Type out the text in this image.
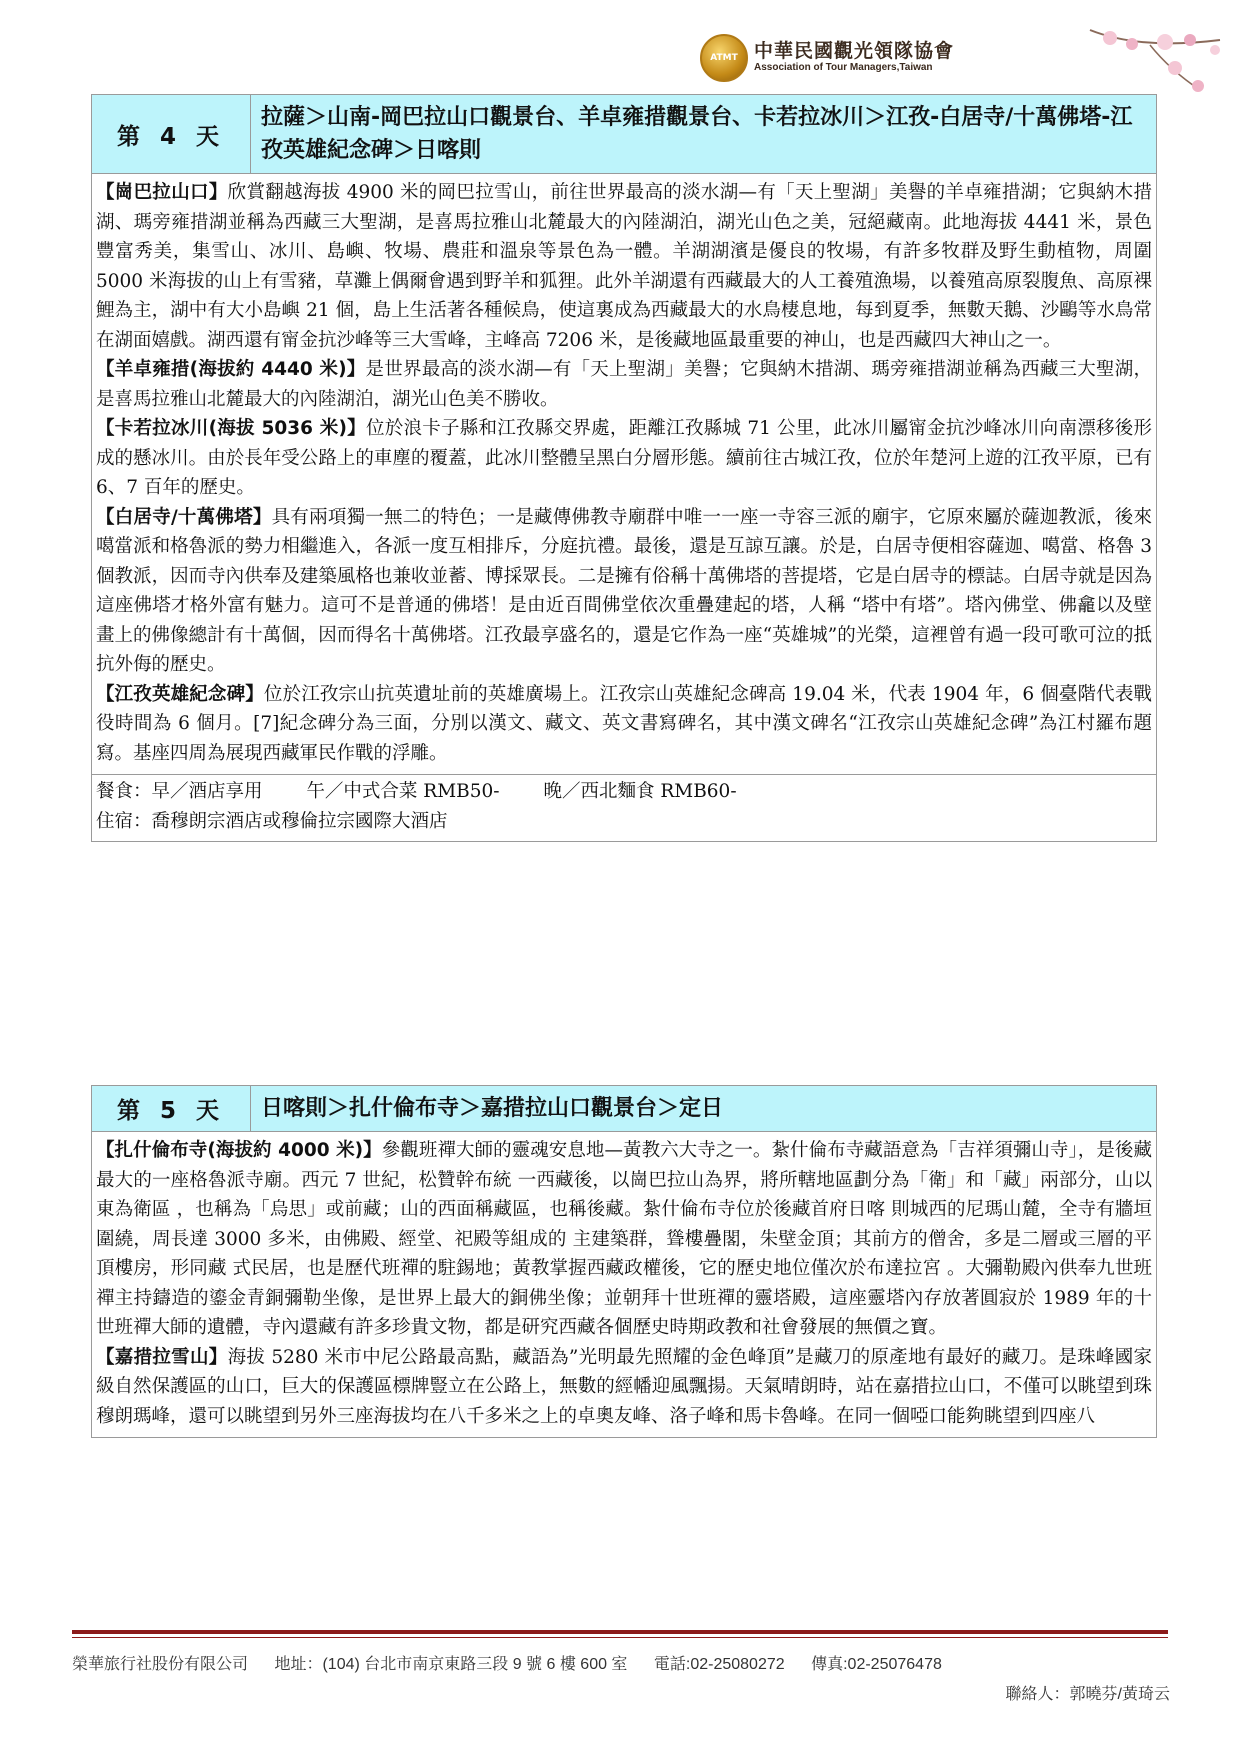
ATMT 中華民國觀光領隊協會
Association of Tour Managers,Taiwan
第 4 天
拉薩＞山南-岡巴拉山口觀景台、羊卓雍措觀景台、卡若拉冰川＞江孜-白居寺/十萬佛塔-江孜英雄紀念碑＞日喀則

【崗巴拉山口】欣賞翻越海拔 4900 米的岡巴拉雪山，前往世界最高的淡水湖—有「天上聖湖」美譽的羊卓雍措湖；它與納木措湖、瑪旁雍措湖並稱為西藏三大聖湖，是喜馬拉雅山北麓最大的內陸湖泊，湖光山色之美，冠絕藏南。此地海拔 4441 米，景色豐富秀美，集雪山、冰川、島嶼、牧場、農莊和溫泉等景色為一體。羊湖湖濱是優良的牧場，有許多牧群及野生動植物，周圍 5000 米海拔的山上有雪豬，草灘上偶爾會遇到野羊和狐狸。此外羊湖還有西藏最大的人工養殖漁場，以養殖高原裂腹魚、高原裸鯉為主，湖中有大小島嶼 21 個，島上生活著各種候鳥，使這裏成為西藏最大的水鳥棲息地，每到夏季，無數天鵝、沙鷗等水鳥常在湖面嬉戲。湖西還有甯金抗沙峰等三大雪峰，主峰高 7206 米，是後藏地區最重要的神山，也是西藏四大神山之一。

【羊卓雍措(海拔約 4440 米)】是世界最高的淡水湖—有「天上聖湖」美譽；它與納木措湖、瑪旁雍措湖並稱為西藏三大聖湖，是喜馬拉雅山北麓最大的內陸湖泊，湖光山色美不勝收。

【卡若拉冰川(海拔 5036 米)】位於浪卡子縣和江孜縣交界處，距離江孜縣城 71 公里，此冰川屬甯金抗沙峰冰川向南漂移後形成的懸冰川。由於長年受公路上的車塵的覆蓋，此冰川整體呈黑白分層形態。續前往古城江孜，位於年楚河上遊的江孜平原，已有 6、7 百年的歷史。

【白居寺/十萬佛塔】具有兩項獨一無二的特色；一是藏傳佛教寺廟群中唯一一座一寺容三派的廟宇，它原來屬於薩迦教派，後來噶當派和格魯派的勢力相繼進入，各派一度互相排斥，分庭抗禮。最後，還是互諒互讓。於是，白居寺便相容薩迦、噶當、格魯 3 個教派，因而寺內供奉及建築風格也兼收並蓄、博採眾長。二是擁有俗稱十萬佛塔的菩提塔，它是白居寺的標誌。白居寺就是因為這座佛塔才格外富有魅力。這可不是普通的佛塔！是由近百間佛堂依次重疊建起的塔，人稱 “塔中有塔”。塔內佛堂、佛龕以及壁畫上的佛像總計有十萬個，因而得名十萬佛塔。江孜最享盛名的，還是它作為一座“英雄城”的光榮，這裡曾有過一段可歌可泣的抵抗外侮的歷史。

【江孜英雄紀念碑】位於江孜宗山抗英遺址前的英雄廣場上。江孜宗山英雄紀念碑高 19.04 米，代表 1904 年，6 個臺階代表戰役時間為 6 個月。[7]紀念碑分為三面，分別以漢文、藏文、英文書寫碑名，其中漢文碑名“江孜宗山英雄紀念碑”為江村羅布題寫。基座四周為展現西藏軍民作戰的浮雕。

餐食：早／酒店享用 午／中式合菜 RMB50- 晚／西北麵食 RMB60-
住宿：喬穆朗宗酒店或穆倫拉宗國際大酒店
第 5 天	日喀則＞扎什倫布寺＞嘉措拉山口觀景台＞定日

【扎什倫布寺(海拔約 4000 米)】參觀班禪大師的靈魂安息地—黃教六大寺之一。紮什倫布寺藏語意為「吉祥須彌山寺」，是後藏最大的一座格魯派寺廟。西元 7 世紀，松贊幹布統 一西藏後，以崗巴拉山為界，將所轄地區劃分為「衛」和「藏」兩部分，山以東為衛區 ，也稱為「烏思」或前藏；山的西面稱藏區，也稱後藏。紮什倫布寺位於後藏首府日喀 則城西的尼瑪山麓，全寺有牆垣圍繞，周長達 3000 多米，由佛殿、經堂、祀殿等組成的 主建築群，聳樓疊閣，朱壁金頂；其前方的僧舍，多是二層或三層的平頂樓房，形同藏 式民居，也是歷代班禪的駐錫地；黃教掌握西藏政權後，它的歷史地位僅次於布達拉宮 。大彌勒殿內供奉九世班禪主持鑄造的鎏金青銅彌勒坐像，是世界上最大的銅佛坐像；並朝拜十世班禪的靈塔殿，這座靈塔內存放著圓寂於 1989 年的十世班禪大師的遺體，寺內還藏有許多珍貴文物，都是研究西藏各個歷史時期政教和社會發展的無價之寶。

【嘉措拉雪山】海拔 5280 米市中尼公路最高點，藏語為”光明最先照耀的金色峰頂”是藏刀的原產地有最好的藏刀。是珠峰國家級自然保護區的山口，巨大的保護區標牌豎立在公路上，無數的經幡迎風飄揚。天氣晴朗時，站在嘉措拉山口，不僅可以眺望到珠穆朗瑪峰，還可以眺望到另外三座海拔均在八千多米之上的卓奧友峰、洛子峰和馬卡魯峰。在同一個啞口能夠眺望到四座八

榮華旅行社股份有限公司 地址：(104) 台北市南京東路三段 9 號 6 樓 600 室 電話:02-25080272 傳真:02-25076478
聯絡人：郭曉芬/黃琦云
